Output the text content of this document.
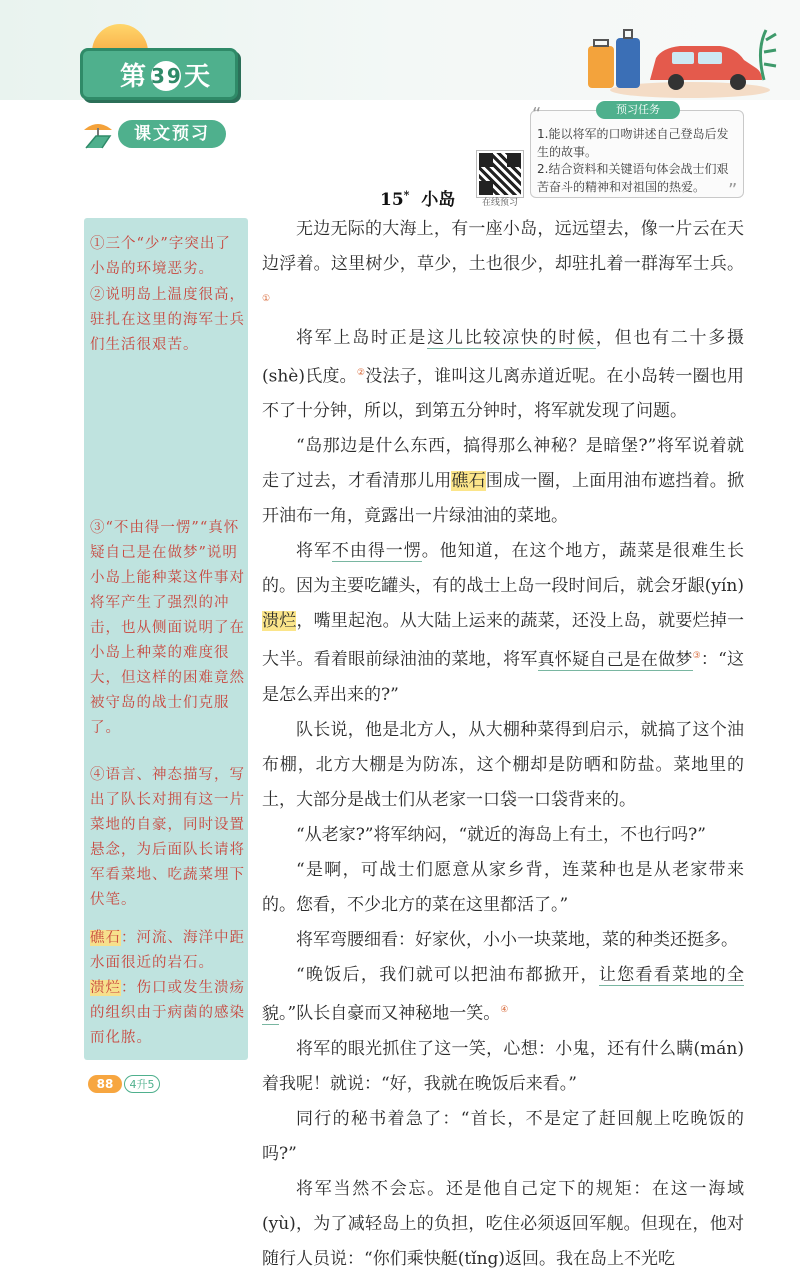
第 39天
课文预习
预习任务
“
”

1.能以将军的口吻讲述自己登岛后发生的故事。

2.结合资料和关键语句体会战士们艰苦奋斗的精神和对祖国的热爱。

在线预习
15* 小岛

①三个“少”字突出了小岛的环境恶劣。

②说明岛上温度很高，驻扎在这里的海军士兵们生活很艰苦。

③“不由得一愣”“真怀疑自己是在做梦”说明小岛上能种菜这件事对将军产生了强烈的冲击，也从侧面说明了在小岛上种菜的难度很大，但这样的困难竟然被守岛的战士们克服了。

④语言、神态描写，写出了队长对拥有这一片菜地的自豪，同时设置悬念，为后面队长请将军看菜地、吃蔬菜埋下伏笔。

礁石：河流、海洋中距水面很近的岩石。

溃烂：伤口或发生溃疡的组织由于病菌的感染而化脓。

无边无际的大海上，有一座小岛，远远望去，像一片云在天边浮着。这里树少，草少，土也很少，却驻扎着一群海军士兵。①

将军上岛时正是这儿比较凉快的时候，但也有二十多摄(shè)氏度。②没法子，谁叫这儿离赤道近呢。在小岛转一圈也用不了十分钟，所以，到第五分钟时，将军就发现了问题。

“岛那边是什么东西，搞得那么神秘？是暗堡?”将军说着就走了过去，才看清那儿用礁石围成一圈，上面用油布遮挡着。掀开油布一角，竟露出一片绿油油的菜地。

将军不由得一愣。他知道，在这个地方，蔬菜是很难生长的。因为主要吃罐头，有的战士上岛一段时间后，就会牙龈(yín)溃烂，嘴里起泡。从大陆上运来的蔬菜，还没上岛，就要烂掉一大半。看着眼前绿油油的菜地，将军真怀疑自己是在做梦③：“这是怎么弄出来的?”

队长说，他是北方人，从大棚种菜得到启示，就搞了这个油布棚，北方大棚是为防冻，这个棚却是防晒和防盐。菜地里的土，大部分是战士们从老家一口袋一口袋背来的。

“从老家?”将军纳闷，“就近的海岛上有土，不也行吗?”

“是啊，可战士们愿意从家乡背，连菜种也是从老家带来的。您看，不少北方的菜在这里都活了。”

将军弯腰细看：好家伙，小小一块菜地，菜的种类还挺多。

“晚饭后，我们就可以把油布都掀开，让您看看菜地的全貌。”队长自豪而又神秘地一笑。④

将军的眼光抓住了这一笑，心想：小鬼，还有什么瞒(mán)着我呢！就说：“好，我就在晚饭后来看。”

同行的秘书着急了：“首长，不是定了赶回舰上吃晚饭的吗?”

将军当然不会忘。还是他自己定下的规矩：在这一海域(yù)，为了减轻岛上的负担，吃住必须返回军舰。但现在，他对随行人员说：“你们乘快艇(tǐng)返回。我在岛上不光吃

88	4升5
